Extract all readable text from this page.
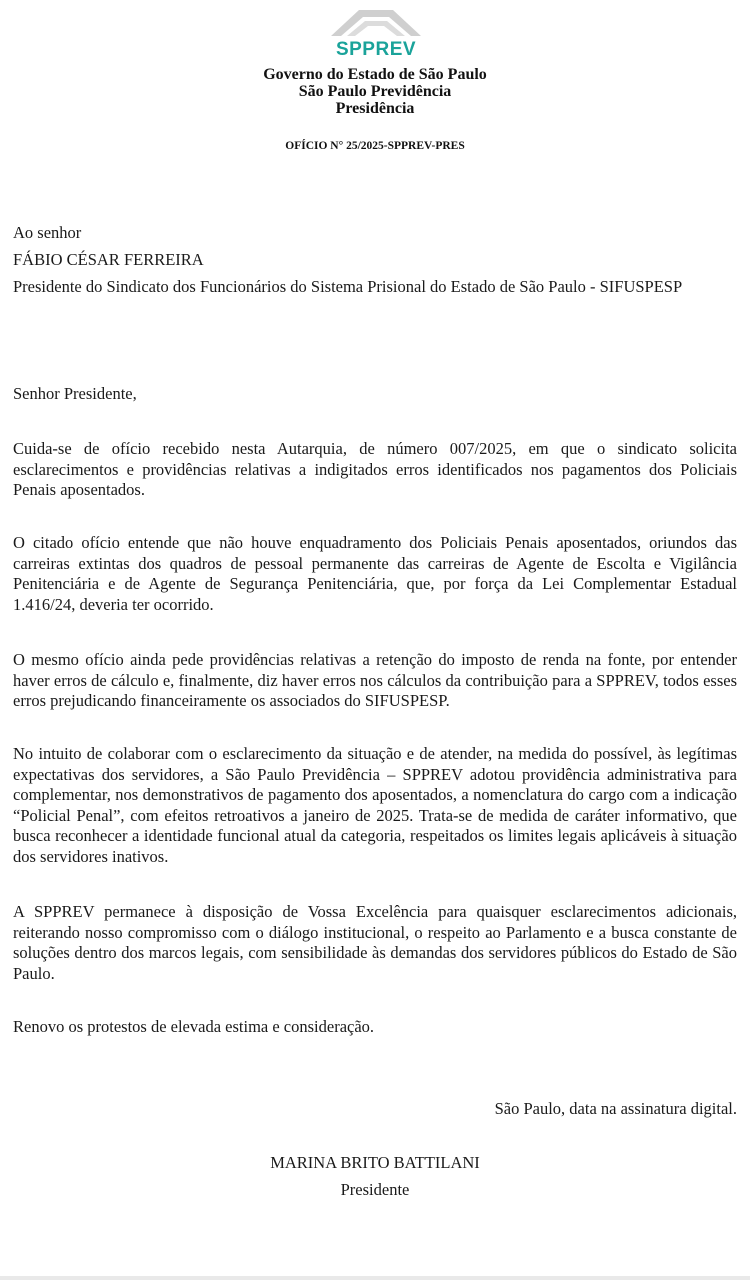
SPPREV
Governo do Estado de São Paulo
São Paulo Previdência
Presidência
OFÍCIO N° 25/2025-SPPREV-PRES
Ao senhor
FÁBIO CÉSAR FERREIRA
Presidente do Sindicato dos Funcionários do Sistema Prisional do Estado de São Paulo - SIFUSPESP
Senhor Presidente,
Cuida-se de ofício recebido nesta Autarquia, de número 007/2025, em que o sindicato solicita esclarecimentos e providências relativas a indigitados erros identificados nos pagamentos dos Policiais Penais aposentados.
O citado ofício entende que não houve enquadramento dos Policiais Penais aposentados, oriundos das carreiras extintas dos quadros de pessoal permanente das carreiras de Agente de Escolta e Vigilância Penitenciária e de Agente de Segurança Penitenciária, que, por força da Lei Complementar Estadual 1.416/24, deveria ter ocorrido.
O mesmo ofício ainda pede providências relativas a retenção do imposto de renda na fonte, por entender haver erros de cálculo e, finalmente, diz haver erros nos cálculos da contribuição para a SPPREV, todos esses erros prejudicando financeiramente os associados do SIFUSPESP.
No intuito de colaborar com o esclarecimento da situação e de atender, na medida do possível, às legítimas expectativas dos servidores, a São Paulo Previdência – SPPREV adotou providência administrativa para complementar, nos demonstrativos de pagamento dos aposentados, a nomenclatura do cargo com a indicação “Policial Penal”, com efeitos retroativos a janeiro de 2025. Trata-se de medida de caráter informativo, que busca reconhecer a identidade funcional atual da categoria, respeitados os limites legais aplicáveis à situação dos servidores inativos.
A SPPREV permanece à disposição de Vossa Excelência para quaisquer esclarecimentos adicionais, reiterando nosso compromisso com o diálogo institucional, o respeito ao Parlamento e a busca constante de soluções dentro dos marcos legais, com sensibilidade às demandas dos servidores públicos do Estado de São Paulo.
Renovo os protestos de elevada estima e consideração.
São Paulo, data na assinatura digital.
MARINA BRITO BATTILANI
Presidente
